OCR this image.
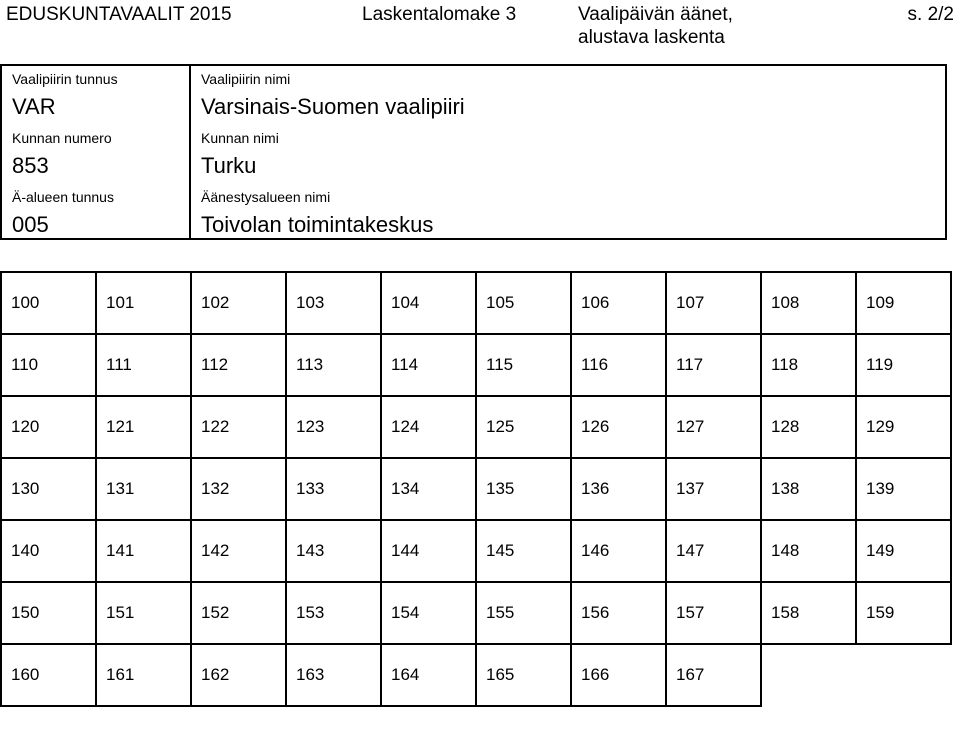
EDUSKUNTAVAALIT 2015	Laskentalomake 3	Vaalipäivän äänet,
alustava laskenta
s. 2/2
Vaalipiirin tunnus
VAR
Kunnan numero
853
Ä-alueen tunnus
005
Vaalipiirin nimi
Varsinais-Suomen vaalipiiri
Kunnan nimi
Turku
Äänestysalueen nimi
Toivolan toimintakeskus
100	101	102	103	104	105	106	107	108	109
110	111	112	113	114	115	116	117	118	119
120	121	122	123	124	125	126	127	128	129
130	131	132	133	134	135	136	137	138	139
140	141	142	143	144	145	146	147	148	149
150	151	152	153	154	155	156	157	158	159
160	161	162	163	164	165	166	167		
